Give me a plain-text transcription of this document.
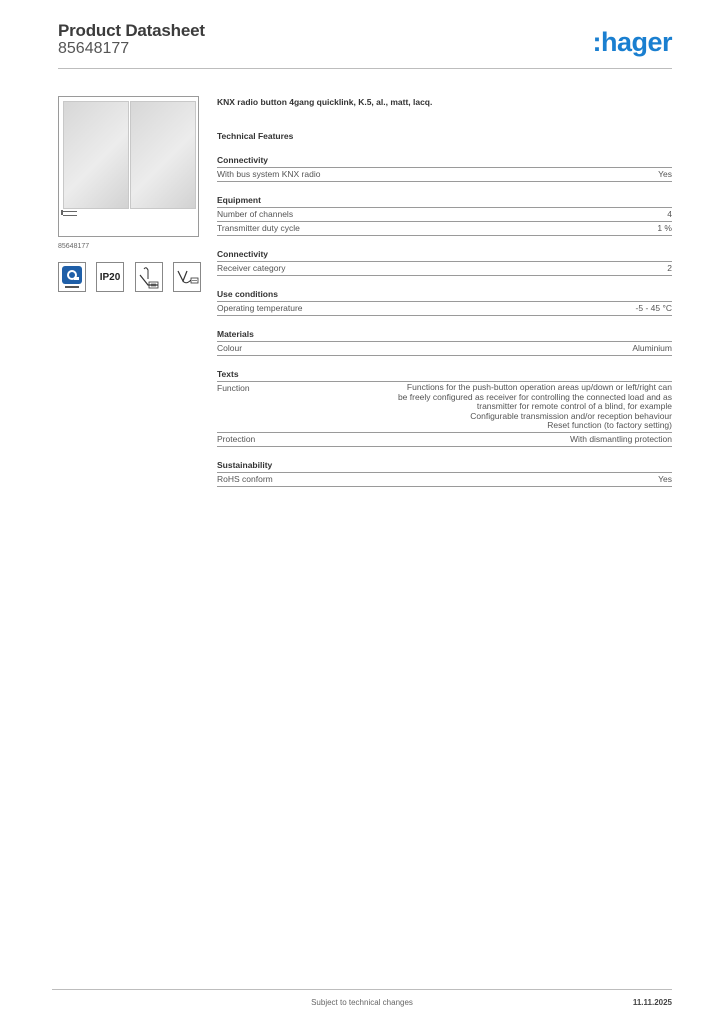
Product Datasheet
85648177	:hager
85648177
IP20
KNX radio button 4gang quicklink, K.5, al., matt, lacq.
Technical Features
Connectivity
With bus system KNX radio	Yes
Equipment
Number of channels	4
Transmitter duty cycle	1 %
Connectivity
Receiver category	2
Use conditions
Operating temperature	-5 - 45 °C
Materials
Colour	Aluminium
Texts
Function	Functions for the push-button operation areas up/down or left/right can
be freely configured as receiver for controlling the connected load and as
transmitter for remote control of a blind, for example
Configurable transmission and/or reception behaviour
Reset function (to factory setting)
Protection	With dismantling protection
Sustainability
RoHS conform	Yes
Subject to technical changes	11.11.2025
